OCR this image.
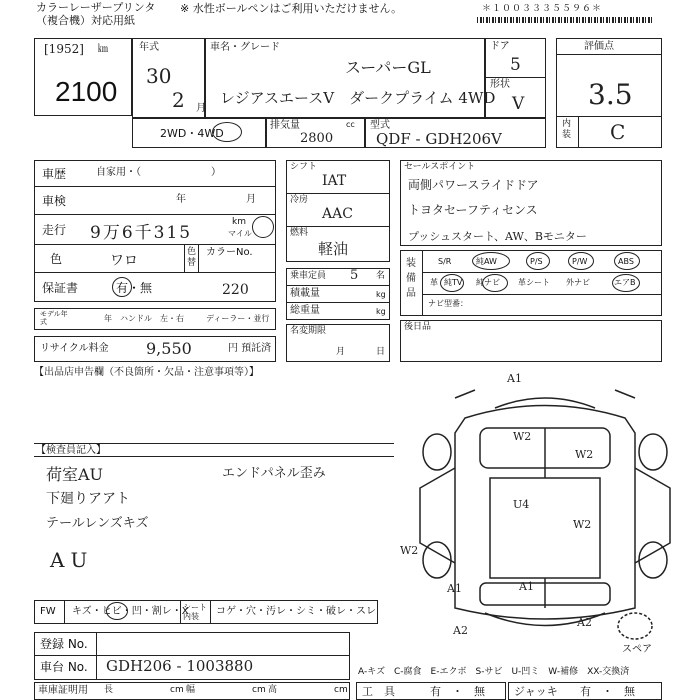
カラーレーザープリンタ
（複合機）対応用紙
※ 水性ボールペンはご利用いただけません。	＊１００３３３５５９６＊
[1952] ㎞
2100
年式
30
2 月
車名・グレード
スーパーGL
レジアスエースV　ダークプライム 4WD
ドア
5
形状
V
2WD・4WD
排気量	cc
2800
型式
QDF - GDH206V
評価点
3.5
内装 C
車歴	自家用・（　　　　　　　）
車検	年	月
走行 9万6千315
km
マイル
色	ワロ
色替
カラーNo.
保証書	有・無	220
モデル年式	年 ハンドル　左・右	ディーラー・並行
リサイクル料金 9,550	円 預託済
シフト
IAT
冷房
AAC
燃料
軽油
乗車定員 5 名
積載量	kg
総重量	kg
名変期限
月	日
セールスポイント
両側パワースライドドア
トヨタセーフティセンス
プッシュスタート、AW、Bモニター
装備品
S/R	純AW	P/S	P/W	ABS
革 純TV 純ナビ 革シート 外ナビ	エアB
ナビ型番：
後日品
【出品店申告欄（不良箇所・欠品・注意事項等）】
【検査員記入】
荷室AU
下廻りアアト
テールレンズキズ
AU
エンドパネル歪み
A1
W2
U4
W2
W2
A1	A1
A2
A2
W2
スペア
FW キズ・ヒビ・凹・割レ・X
シート内装	コゲ・穴・汚レ・シミ・破レ・スレ
登録 No.
車台 No. GDH206 - 1003880
車庫証明用 長	cm 幅	cm 高	cm
A-キズ　C-腐食　E-エクボ　S-サビ　U-凹ミ　W-補修　XX-交換済
工　具	有　・　無	ジャッキ 有　・　無
